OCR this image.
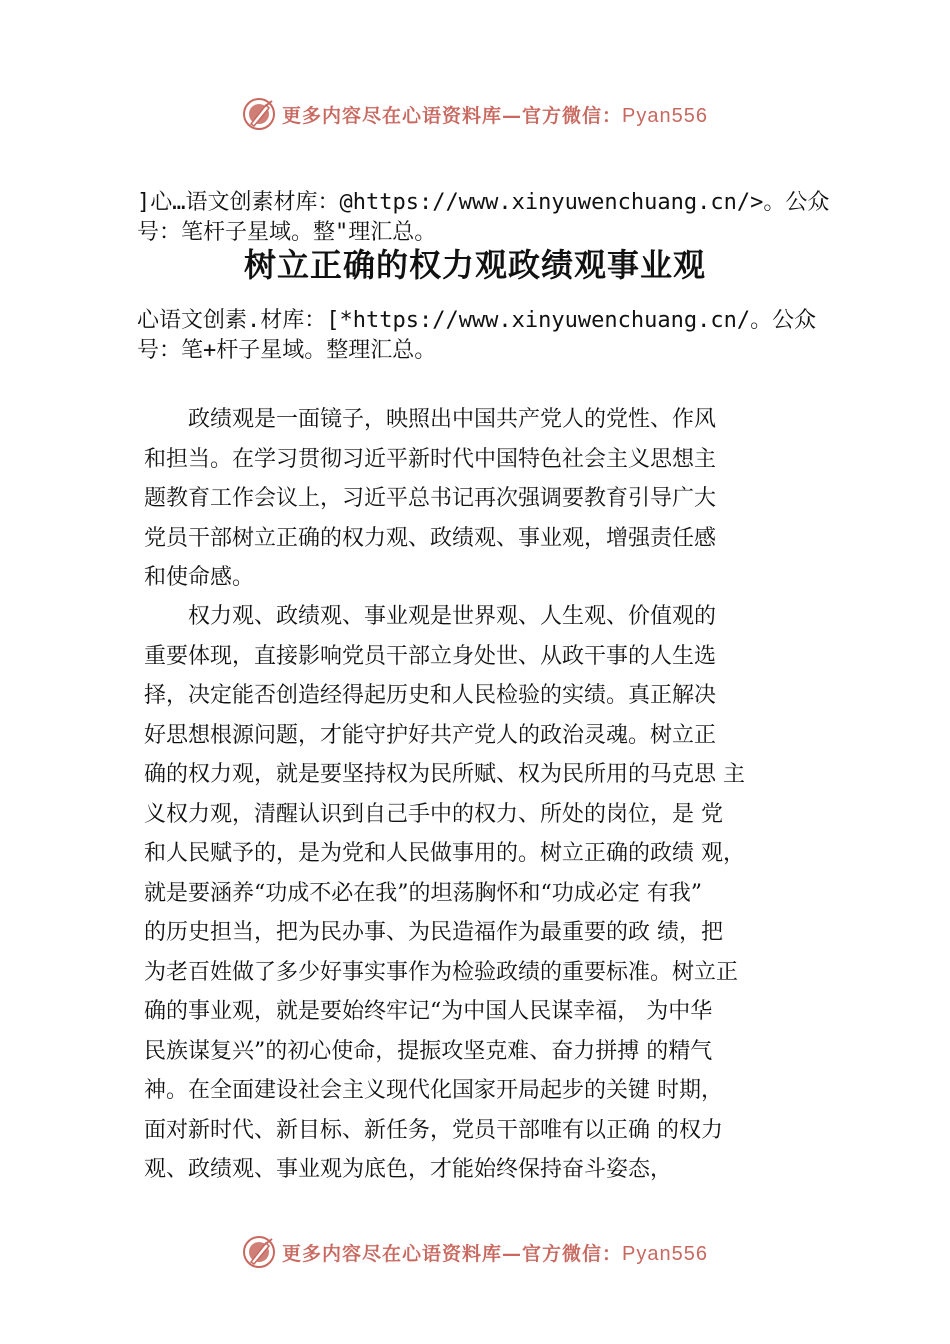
更多内容尽在心语资料库—官方微信：Pyan556
]心…语文创素材库：@https://www.xinyuwenchuang.cn/>。公众号：笔杆子星域。整"理汇总。
树立正确的权力观政绩观事业观
心语文创素.材库：[*https://www.xinyuwenchuang.cn/。公众号：笔+杆子星域。整理汇总。
　　政绩观是一面镜子，映照出中国共产党人的党性、作风
和担当。在学习贯彻习近平新时代中国特色社会主义思想主
题教育工作会议上，习近平总书记再次强调要教育引导广大
党员干部树立正确的权力观、政绩观、事业观，增强责任感
和使命感。
　　权力观、政绩观、事业观是世界观、人生观、价值观的
重要体现，直接影响党员干部立身处世、从政干事的人生选
择，决定能否创造经得起历史和人民检验的实绩。真正解决
好思想根源问题，才能守护好共产党人的政治灵魂。树立正
确的权力观，就是要坚持权为民所赋、权为民所用的马克思 主
义权力观，清醒认识到自己手中的权力、所处的岗位，是 党
和人民赋予的，是为党和人民做事用的。树立正确的政绩 观，
就是要涵养“功成不必在我”的坦荡胸怀和“功成必定 有我”
的历史担当，把为民办事、为民造福作为最重要的政 绩，把
为老百姓做了多少好事实事作为检验政绩的重要标准。树立正
确的事业观，就是要始终牢记“为中国人民谋幸福， 为中华
民族谋复兴”的初心使命，提振攻坚克难、奋力拼搏 的精气
神。在全面建设社会主义现代化国家开局起步的关键 时期，
面对新时代、新目标、新任务，党员干部唯有以正确 的权力
观、政绩观、事业观为底色，才能始终保持奋斗姿态，
更多内容尽在心语资料库—官方微信：Pyan556
